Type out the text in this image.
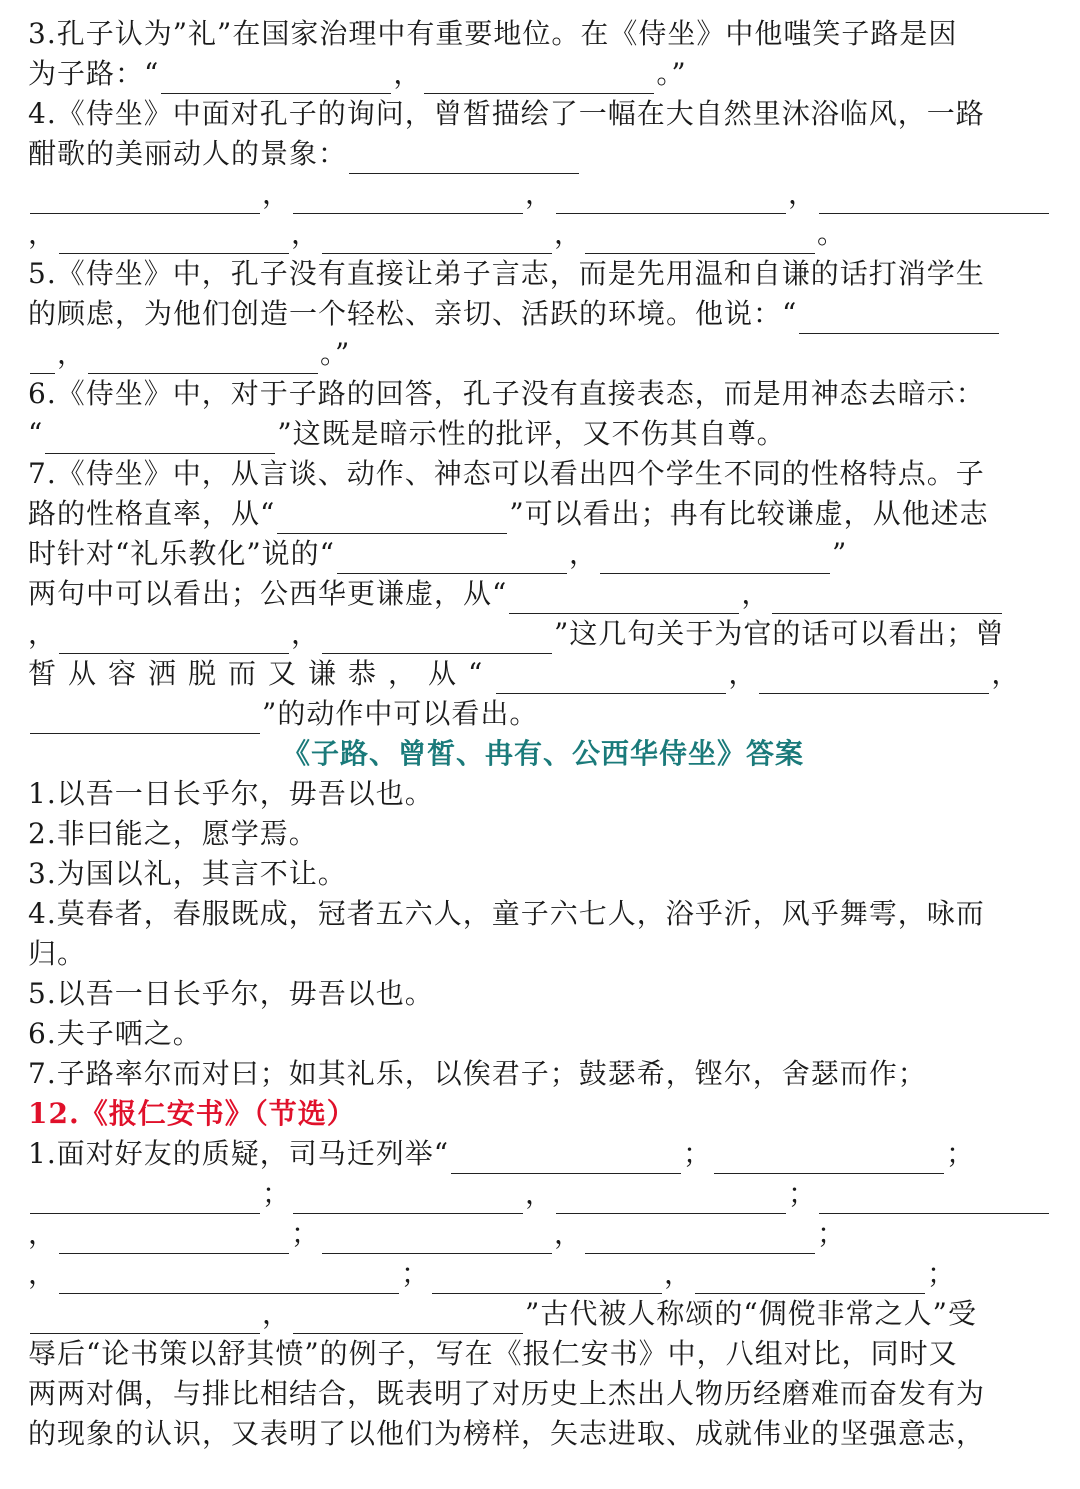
3.孔子认为”礼”在国家治理中有重要地位。在《侍坐》中他嗤笑子路是因
为子路：“	，	。”
4.《侍坐》中面对孔子的询问，曾皙描绘了一幅在大自然里沐浴临风，一路
酣歌的美丽动人的景象：
，	，	，
，	，	，	。
5.《侍坐》中，孔子没有直接让弟子言志，而是先用温和自谦的话打消学生
的顾虑，为他们创造一个轻松、亲切、活跃的环境。他说：“
，	。”
6.《侍坐》中，对于子路的回答，孔子没有直接表态，而是用神态去暗示：
“	”这既是暗示性的批评，又不伤其自尊。
7.《侍坐》中，从言谈、动作、神态可以看出四个学生不同的性格特点。子
路的性格直率，从“	”可以看出；冉有比较谦虚，从他述志
时针对“礼乐教化”说的“	，	”
两句中可以看出；公西华更谦虚，从“	，
，	，	”这几句关于为官的话可以看出；曾
皙从容洒脱而又谦恭，从“	，	，
”的动作中可以看出。
《子路、曾皙、冉有、公西华侍坐》答案
1.以吾一日长乎尔，毋吾以也。
2.非曰能之，愿学焉。
3.为国以礼，其言不让。
4.莫春者，春服既成，冠者五六人，童子六七人，浴乎沂，风乎舞雩，咏而
归。
5.以吾一日长乎尔，毋吾以也。
6.夫子哂之。
7.子路率尔而对曰；如其礼乐，以俟君子；鼓瑟希，铿尔，舍瑟而作；
12.《报仁安书》（节选）
1.面对好友的质疑，司马迁列举“	；	；
；	，	；
，	；	，	；
，	；	，	；
，	”古代被人称颂的“倜傥非常之人”受
辱后“论书策以舒其愤”的例子，写在《报仁安书》中，八组对比，同时又
两两对偶，与排比相结合，既表明了对历史上杰出人物历经磨难而奋发有为
的现象的认识，又表明了以他们为榜样，矢志进取、成就伟业的坚强意志，
